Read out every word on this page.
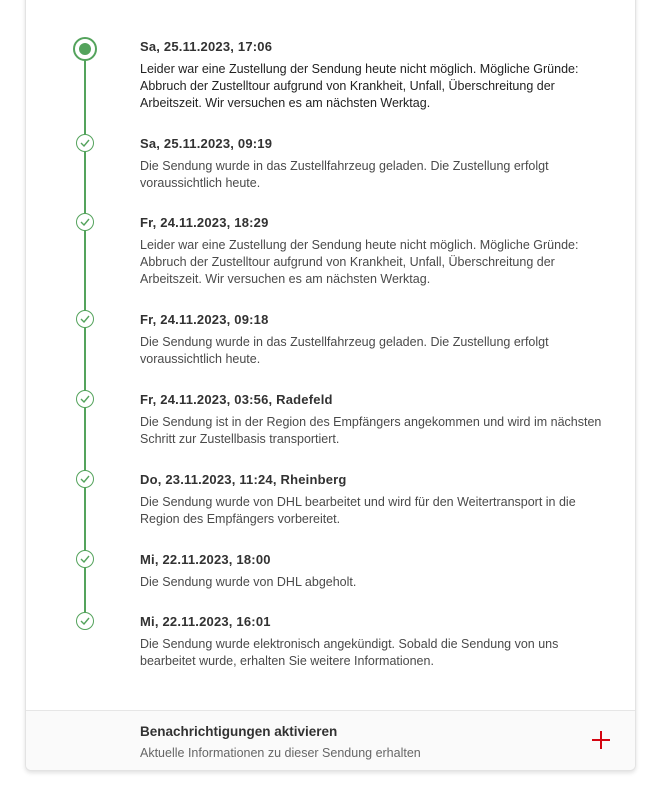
Sa, 25.11.2023, 17:06
Leider war eine Zustellung der Sendung heute nicht möglich. Mögliche Gründe: Abbruch der Zustelltour aufgrund von Krankheit, Unfall, Überschreitung der Arbeitszeit. Wir versuchen es am nächsten Werktag.
Sa, 25.11.2023, 09:19
Die Sendung wurde in das Zustellfahrzeug geladen. Die Zustellung erfolgt voraussichtlich heute.
Fr, 24.11.2023, 18:29
Leider war eine Zustellung der Sendung heute nicht möglich. Mögliche Gründe: Abbruch der Zustelltour aufgrund von Krankheit, Unfall, Überschreitung der Arbeitszeit. Wir versuchen es am nächsten Werktag.
Fr, 24.11.2023, 09:18
Die Sendung wurde in das Zustellfahrzeug geladen. Die Zustellung erfolgt voraussichtlich heute.
Fr, 24.11.2023, 03:56, Radefeld
Die Sendung ist in der Region des Empfängers angekommen und wird im nächsten Schritt zur Zustellbasis transportiert.
Do, 23.11.2023, 11:24, Rheinberg
Die Sendung wurde von DHL bearbeitet und wird für den Weitertransport in die Region des Empfängers vorbereitet.
Mi, 22.11.2023, 18:00
Die Sendung wurde von DHL abgeholt.
Mi, 22.11.2023, 16:01
Die Sendung wurde elektronisch angekündigt. Sobald die Sendung von uns bearbeitet wurde, erhalten Sie weitere Informationen.
Benachrichtigungen aktivieren
Aktuelle Informationen zu dieser Sendung erhalten
